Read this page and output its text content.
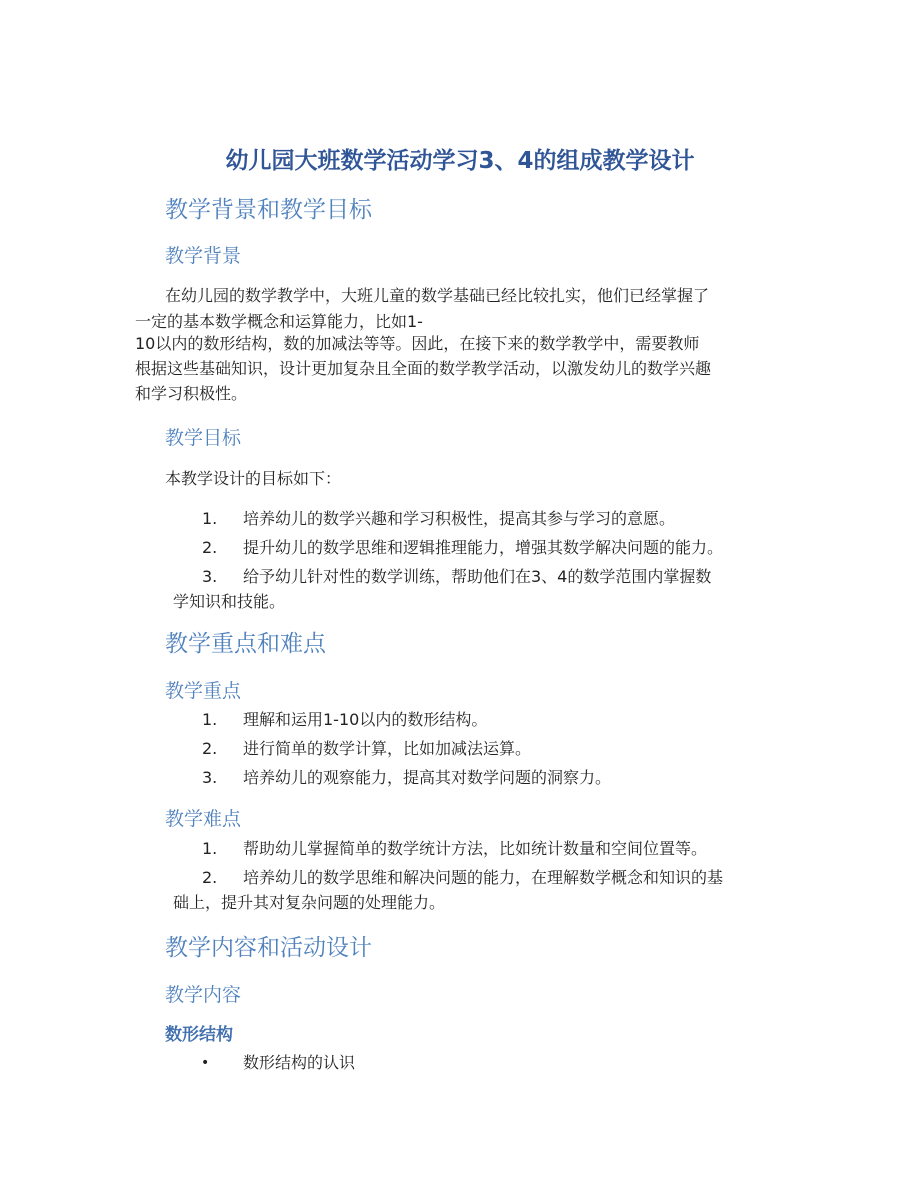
幼儿园大班数学活动学习3、4的组成教学设计
教学背景和教学目标
教学背景
在幼儿园的数学教学中，大班儿童的数学基础已经比较扎实，他们已经掌握了
一定的基本数学概念和运算能力，比如1-
10以内的数形结构，数的加减法等等。因此，在接下来的数学教学中，需要教师
根据这些基础知识，设计更加复杂且全面的数学教学活动，以激发幼儿的数学兴趣
和学习积极性。
教学目标
本教学设计的目标如下：
1. 培养幼儿的数学兴趣和学习积极性，提高其参与学习的意愿。
2. 提升幼儿的数学思维和逻辑推理能力，增强其数学解决问题的能力。
3. 给予幼儿针对性的数学训练，帮助他们在3、4的数学范围内掌握数
学知识和技能。
教学重点和难点
教学重点
1. 理解和运用1-10以内的数形结构。
2. 进行简单的数学计算，比如加减法运算。
3. 培养幼儿的观察能力，提高其对数学问题的洞察力。
教学难点
1. 帮助幼儿掌握简单的数学统计方法，比如统计数量和空间位置等。
2. 培养幼儿的数学思维和解决问题的能力，在理解数学概念和知识的基
础上，提升其对复杂问题的处理能力。
教学内容和活动设计
教学内容
数形结构
• 数形结构的认识
